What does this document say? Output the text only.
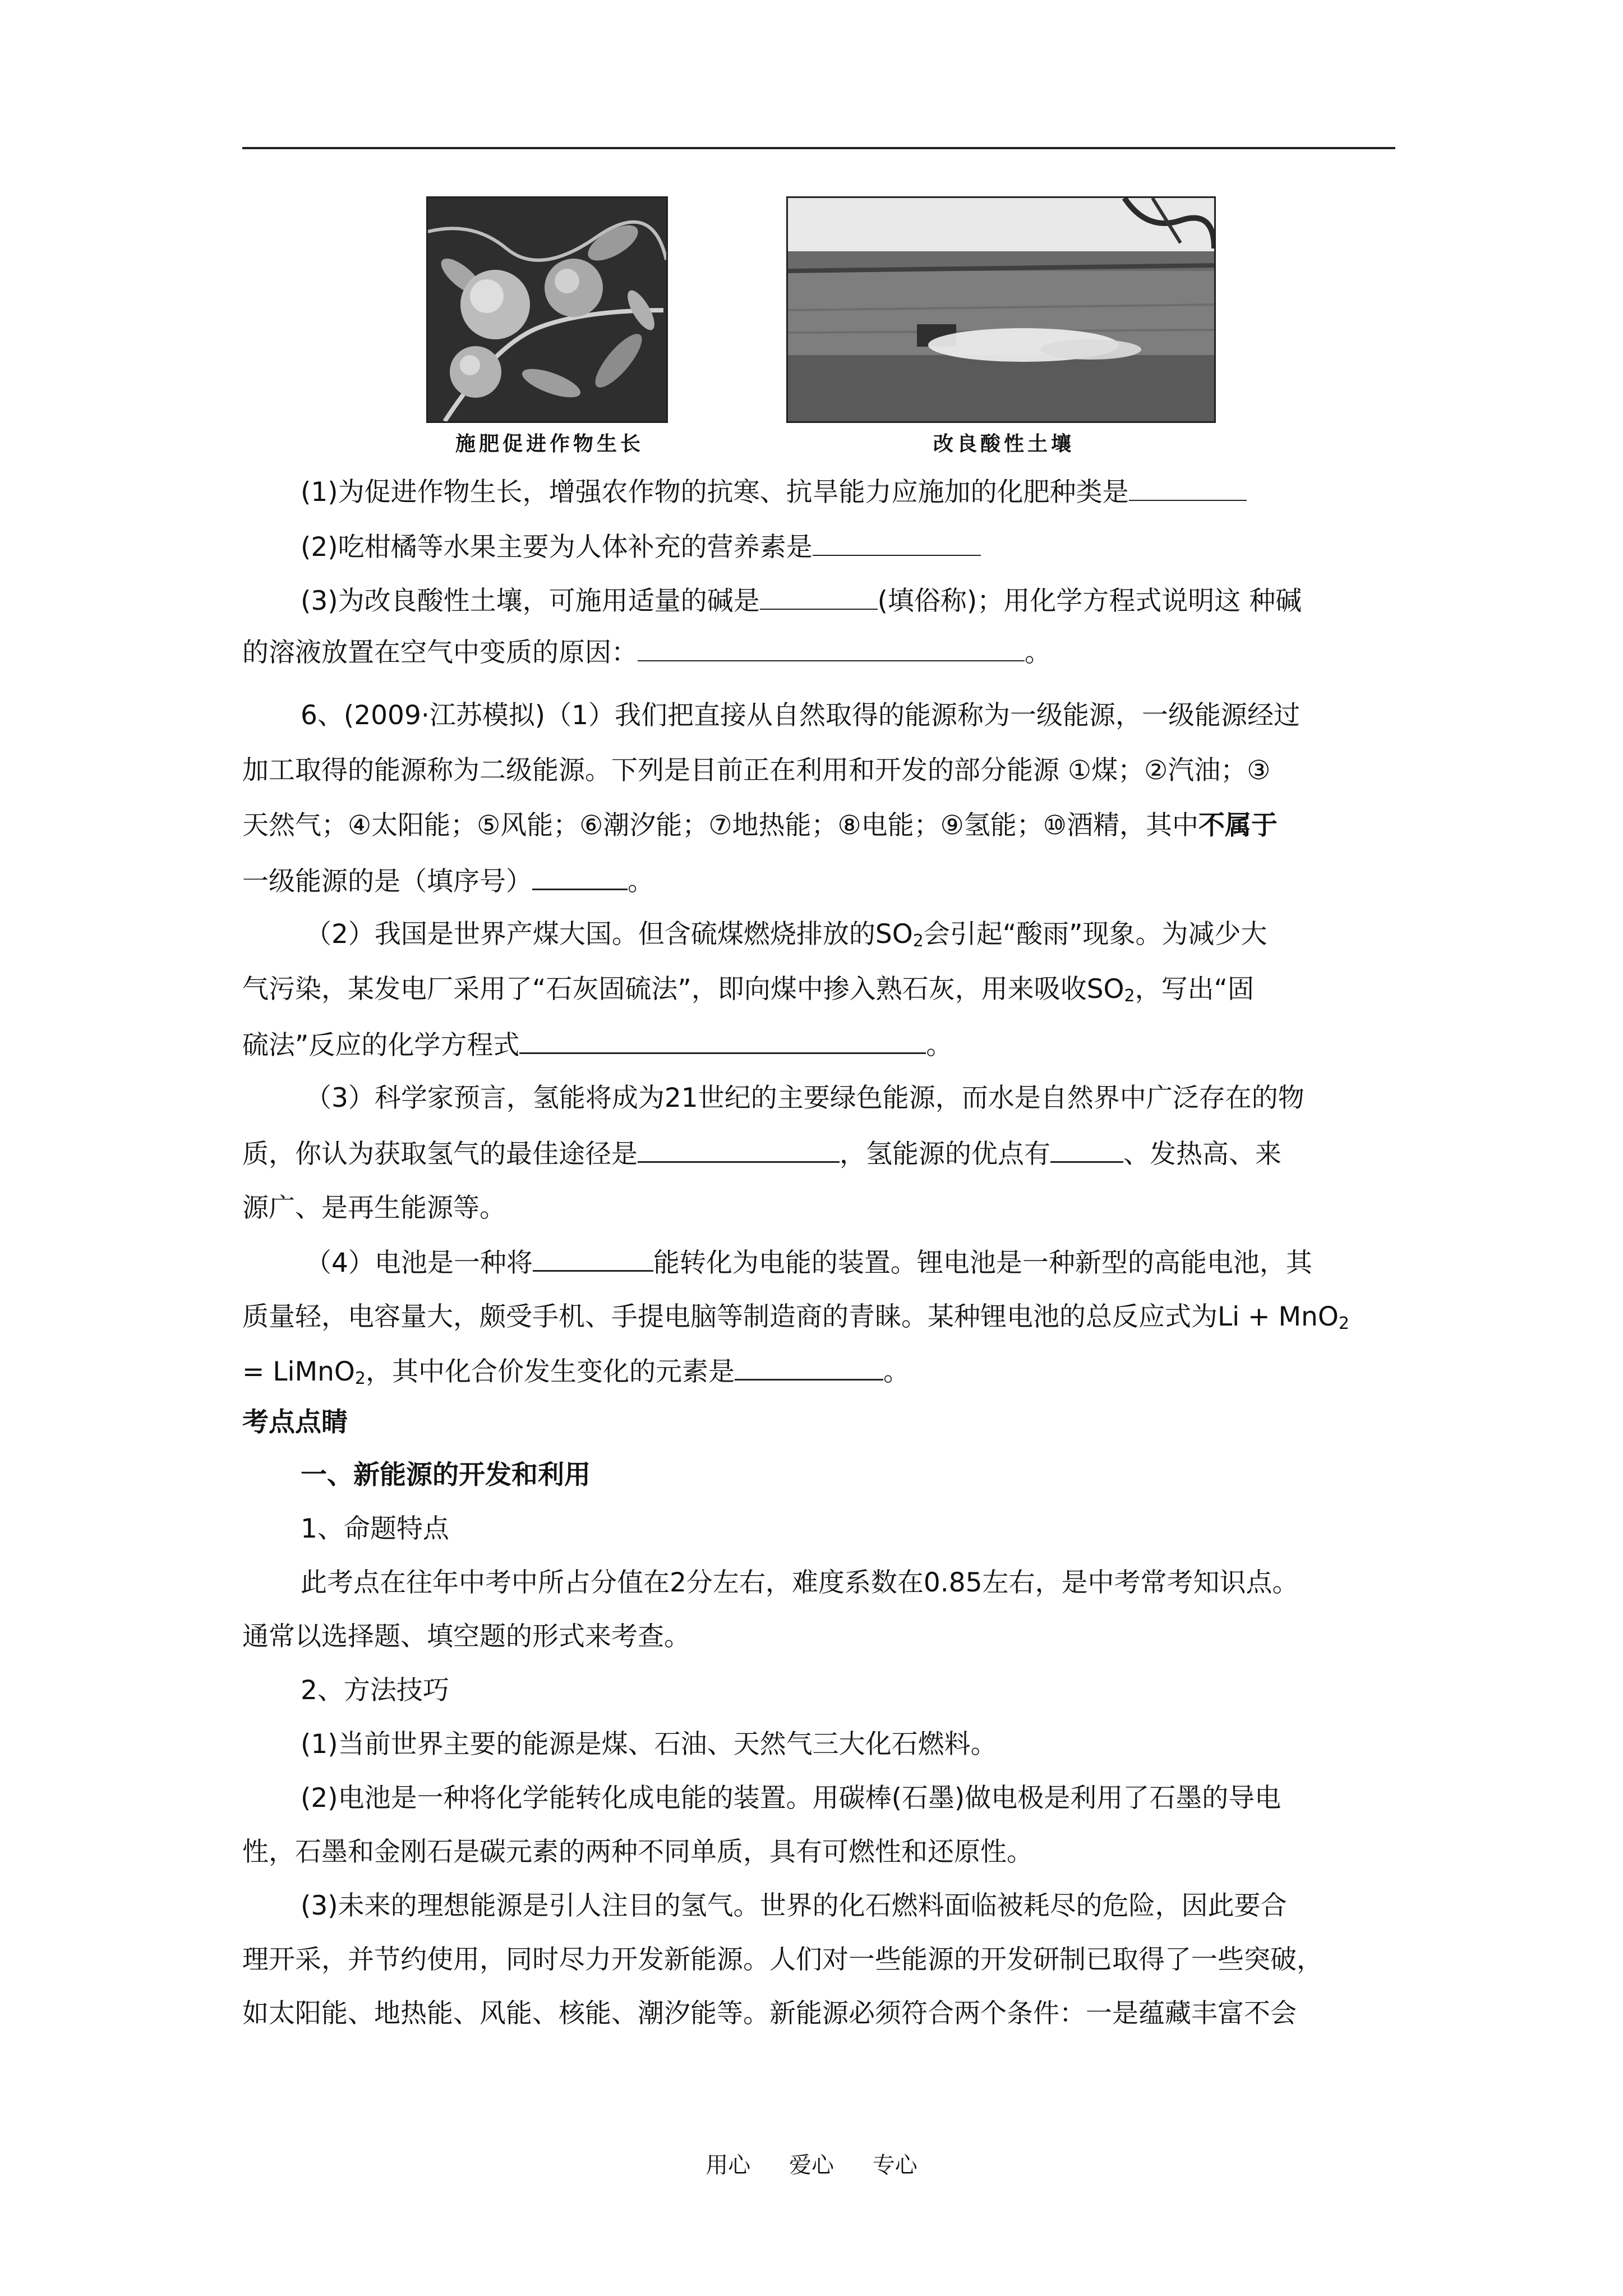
施肥促进作物生长	改良酸性土壤
(1)为促进作物生长，增强农作物的抗寒、抗旱能力应施加的化肥种类是
(2)吃柑橘等水果主要为人体补充的营养素是
(3)为改良酸性土壤，可施用适量的碱是	(填俗称)；用化学方程式说明这 种碱
的溶液放置在空气中变质的原因：	。
6、(2009·江苏模拟)（1）我们把直接从自然取得的能源称为一级能源，一级能源经过
加工取得的能源称为二级能源。下列是目前正在利用和开发的部分能源 ①煤；②汽油；③
天然气；④太阳能；⑤风能；⑥潮汐能；⑦地热能；⑧电能；⑨氢能；⑩酒精，其中不属于
一级能源的是（填序号）	。
（2）我国是世界产煤大国。但含硫煤燃烧排放的$SO_2$会引起“酸雨”现象。为减少大
气污染，某发电厂采用了“石灰固硫法”，即向煤中掺入熟石灰，用来吸收$SO_2$，写出“固
硫法”反应的化学方程式	。
（3）科学家预言，氢能将成为21世纪的主要绿色能源，而水是自然界中广泛存在的物
质，你认为获取氢气的最佳途径是	，氢能源的优点有	、发热高、来
源广、是再生能源等。
（4）电池是一种将	能转化为电能的装置。锂电池是一种新型的高能电池，其
质量轻，电容量大，颇受手机、手提电脑等制造商的青睐。某种锂电池的总反应式为Li + MnO$_2$
= LiMnO$_2$，其中化合价发生变化的元素是	。
考点点睛
一、新能源的开发和利用
1、命题特点
此考点在往年中考中所占分值在2分左右，难度系数在0.85左右，是中考常考知识点。
通常以选择题、填空题的形式来考查。
2、方法技巧
(1)当前世界主要的能源是煤、石油、天然气三大化石燃料。
(2)电池是一种将化学能转化成电能的装置。用碳棒(石墨)做电极是利用了石墨的导电
性，石墨和金刚石是碳元素的两种不同单质，具有可燃性和还原性。
(3)未来的理想能源是引人注目的氢气。世界的化石燃料面临被耗尽的危险，因此要合
理开采，并节约使用，同时尽力开发新能源。人们对一些能源的开发研制已取得了一些突破，
如太阳能、地热能、风能、核能、潮汐能等。新能源必须符合两个条件：一是蕴藏丰富不会
用心 爱心 专心
